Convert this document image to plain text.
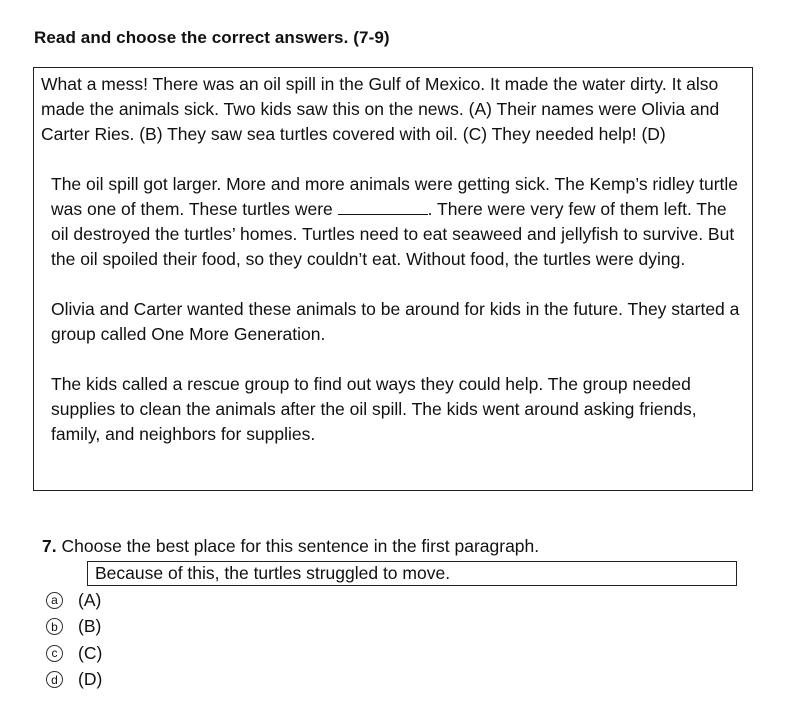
Read and choose the correct answers. (7-9)

What a mess! There was an oil spill in the Gulf of Mexico. It made the water dirty. It also made the animals sick. Two kids saw this on the news. (A) Their names were Olivia and Carter Ries. (B) They saw sea turtles covered with oil. (C) They needed help! (D)

The oil spill got larger. More and more animals were getting sick. The Kemp’s ridley turtle was one of them. These turtles were	. There were very few of them left. The oil destroyed the turtles’ homes. Turtles need to eat seaweed and jellyfish to survive. But the oil spoiled their food, so they couldn’t eat. Without food, the turtles were dying.

Olivia and Carter wanted these animals to be around for kids in the future. They started a group called One More Generation.

The kids called a rescue group to find out ways they could help. The group needed supplies to clean the animals after the oil spill. The kids went around asking friends, family, and neighbors for supplies.

7. Choose the best place for this sentence in the first paragraph.
Because of this, the turtles struggled to move.
a (A)
b (B)
c	(C)
d (D)
